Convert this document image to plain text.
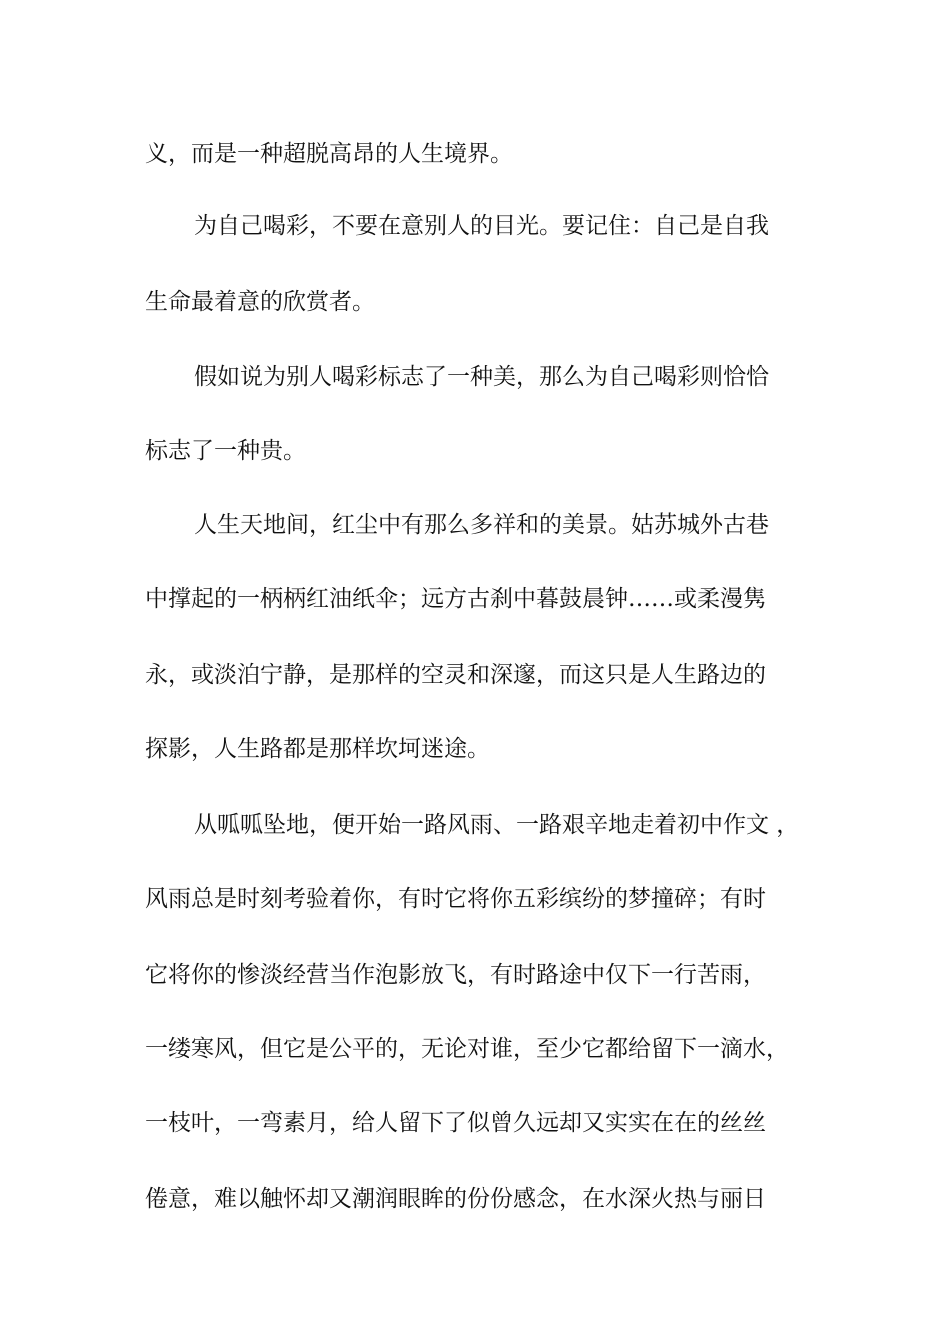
义，而是一种超脱高昂的人生境界。
为自己喝彩，不要在意别人的目光。要记住：自己是自我
生命最着意的欣赏者。
假如说为别人喝彩标志了一种美，那么为自己喝彩则恰恰
标志了一种贵。
人生天地间，红尘中有那么多祥和的美景。姑苏城外古巷
中撑起的一柄柄红油纸伞；远方古刹中暮鼓晨钟……或柔漫隽
永，或淡泊宁静，是那样的空灵和深邃，而这只是人生路边的
探影，人生路都是那样坎坷迷途。
从呱呱坠地，便开始一路风雨、一路艰辛地走着初中作文 ，
风雨总是时刻考验着你，有时它将你五彩缤纷的梦撞碎；有时
它将你的惨淡经营当作泡影放飞，有时路途中仅下一行苦雨，
一缕寒风，但它是公平的，无论对谁，至少它都给留下一滴水，
一枝叶，一弯素月，给人留下了似曾久远却又实实在在的丝丝
倦意，难以触怀却又潮润眼眸的份份感念，在水深火热与丽日
